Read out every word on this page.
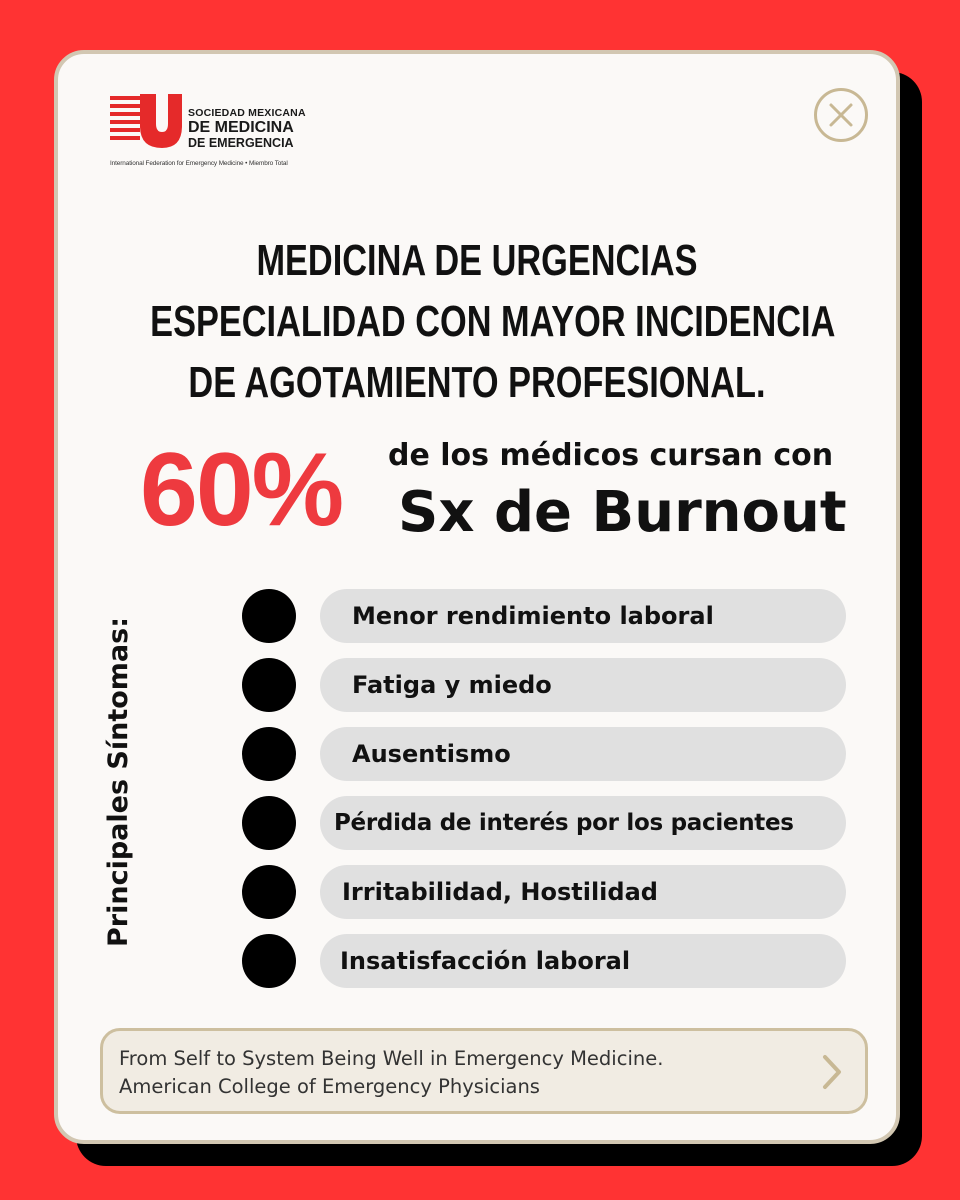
SOCIEDAD MEXICANA
DE MEDICINA
DE EMERGENCIA
International Federation for Emergency Medicine • Miembro Total
MEDICINA DE URGENCIAS
ESPECIALIDAD CON MAYOR INCIDENCIA
DE AGOTAMIENTO PROFESIONAL.
60% de los médicos cursan con
Sx de Burnout
Principales Síntomas:
Menor rendimiento laboral
Fatiga y miedo
Ausentismo
Pérdida de interés por los pacientes
Irritabilidad, Hostilidad
Insatisfacción laboral
From Self to System Being Well in Emergency Medicine.
American College of Emergency Physicians
